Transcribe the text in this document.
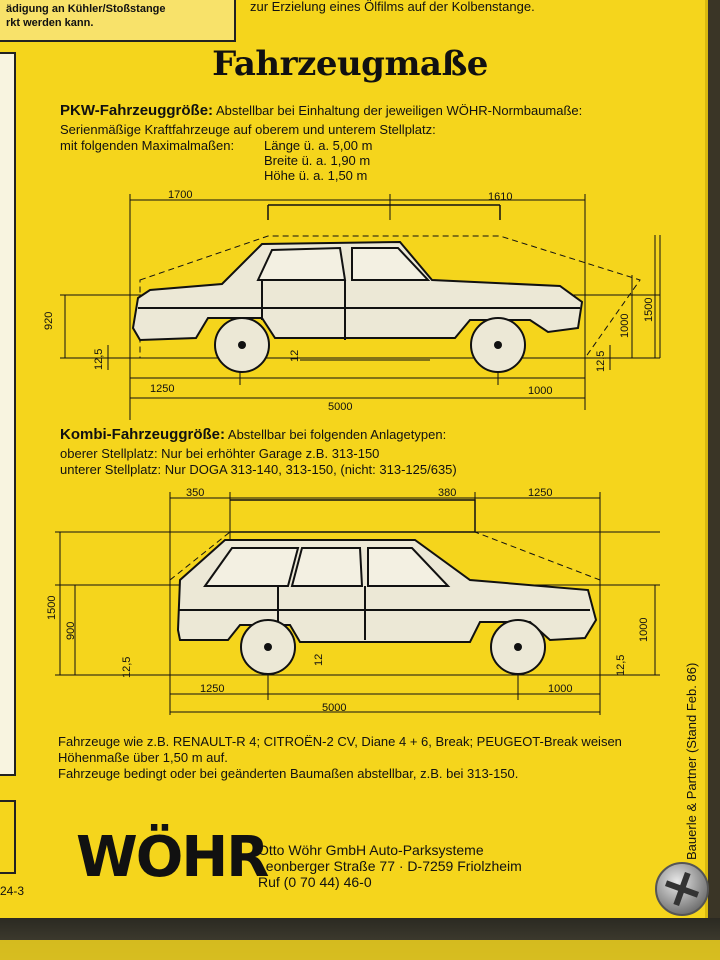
ädigung an Kühler/Stoßstange
rkt werden kann.
zur Erzielung eines Ölfilms auf der Kolbenstange.
24-3
Fahrzeugmaße
PKW-Fahrzeuggröße: Abstellbar bei Einhaltung der jeweiligen WÖHR-Normbaumaße:
Serienmäßige Kraftfahrzeuge auf oberem und unterem Stellplatz:
mit folgenden Maximalmaßen: Länge ü. a. 5,00 m
Breite ü. a. 1,90 m
Höhe ü. a. 1,50 m
1700	1610
920
12,5	12	12,5
1000
1500
1250	1000
5000
Kombi-Fahrzeuggröße: Abstellbar bei folgenden Anlagetypen:
oberer Stellplatz: Nur bei erhöhter Garage z.B. 313-150
unterer Stellplatz: Nur DOGA 313-140, 313-150, (nicht: 313-125/635)
350	380	1250
1500
900
12,5	12	12,5
1000
1250	1000
5000
Fahrzeuge wie z.B. RENAULT-R 4; CITROËN-2 CV, Diane 4 + 6, Break; PEUGEOT-Break weisen
Höhenmaße über 1,50 m auf.
Fahrzeuge bedingt oder bei geänderten Baumaßen abstellbar, z.B. bei 313-150.
WÖHR
Otto Wöhr GmbH Auto-Parksysteme
Leonberger Straße 77 · D-7259 Friolzheim
Ruf (0 70 44) 46-0
Bauerle & Partner (Stand Feb. 86)
